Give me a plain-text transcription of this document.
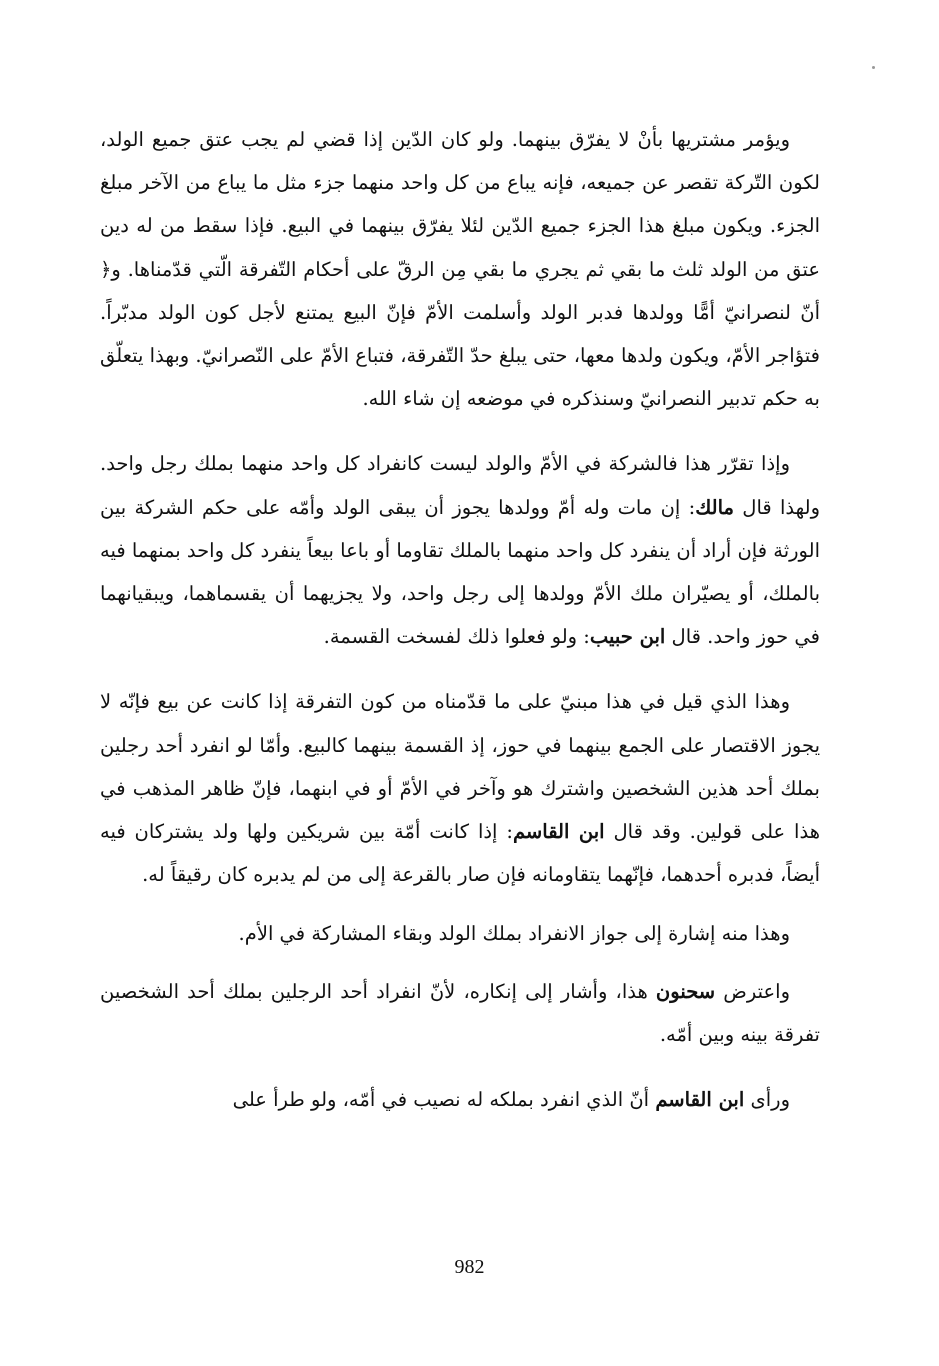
ويؤمر مشتريها بأنْ لا يفرّق بينهما. ولو كان الدّين إذا قضي لم يجب عتق جميع الولد، لكون التّركة تقصر عن جميعه، فإنه يباع من كل واحد منهما جزء مثل ما يباع من الآخر مبلغ الجزء. ويكون مبلغ هذا الجزء جميع الدّين لئلا يفرّق بينهما في البيع. فإذا سقط من له دين عتق من الولد ثلث ما بقي ثم يجري ما بقي مِن الرقّ على أحكام التّفرقة الّتي قدّمناها. و﴿ أنّ لنصرانيّ أمًّا وولدها فدبر الولد وأسلمت الأمّ فإنّ البيع يمتنع لأجل كون الولد مدبّراً. فتؤاجر الأمّ، ويكون ولدها معها، حتى يبلغ حدّ التّفرقة، فتباع الأمّ على النّصرانيّ. وبهذا يتعلّق به حكم تدبير النصرانيّ وسنذكره في موضعه إن شاء الله.

وإذا تقرّر هذا فالشركة في الأمّ والولد ليست كانفراد كل واحد منهما بملك رجل واحد. ولهذا قال مالك: إن مات وله أمّ وولدها يجوز أن يبقى الولد وأمّه على حكم الشركة بين الورثة فإن أراد أن ينفرد كل واحد منهما بالملك تقاوما أو باعا بيعاً ينفرد كل واحد بمنهما فيه بالملك، أو يصيّران ملك الأمّ وولدها إلى رجل واحد، ولا يجزيهما أن يقسماهما، ويبقيانهما في حوز واحد. قال ابن حبيب: ولو فعلوا ذلك لفسخت القسمة.

وهذا الذي قيل في هذا مبنيّ على ما قدّمناه من كون التفرقة إذا كانت عن بيع فإنّه لا يجوز الاقتصار على الجمع بينهما في حوز، إذ القسمة بينهما كالبيع. وأمّا لو انفرد أحد رجلين بملك أحد هذين الشخصين واشترك هو وآخر في الأمّ أو في ابنهما، فإنّ ظاهر المذهب في هذا على قولين. وقد قال ابن القاسم: إذا كانت أمّة بين شريكين ولها ولد يشتركان فيه أيضاً، فدبره أحدهما، فإنّهما يتقاومانه فإن صار بالقرعة إلى من لم يدبره كان رقيقاً له.

وهذا منه إشارة إلى جواز الانفراد بملك الولد وبقاء المشاركة في الأم.

واعترض سحنون هذا، وأشار إلى إنكاره، لأنّ انفراد أحد الرجلين بملك أحد الشخصين تفرقة بينه وبين أمّه.

ورأى ابن القاسم أنّ الذي انفرد بملكه له نصيب في أمّه، ولو طرأ على

982
